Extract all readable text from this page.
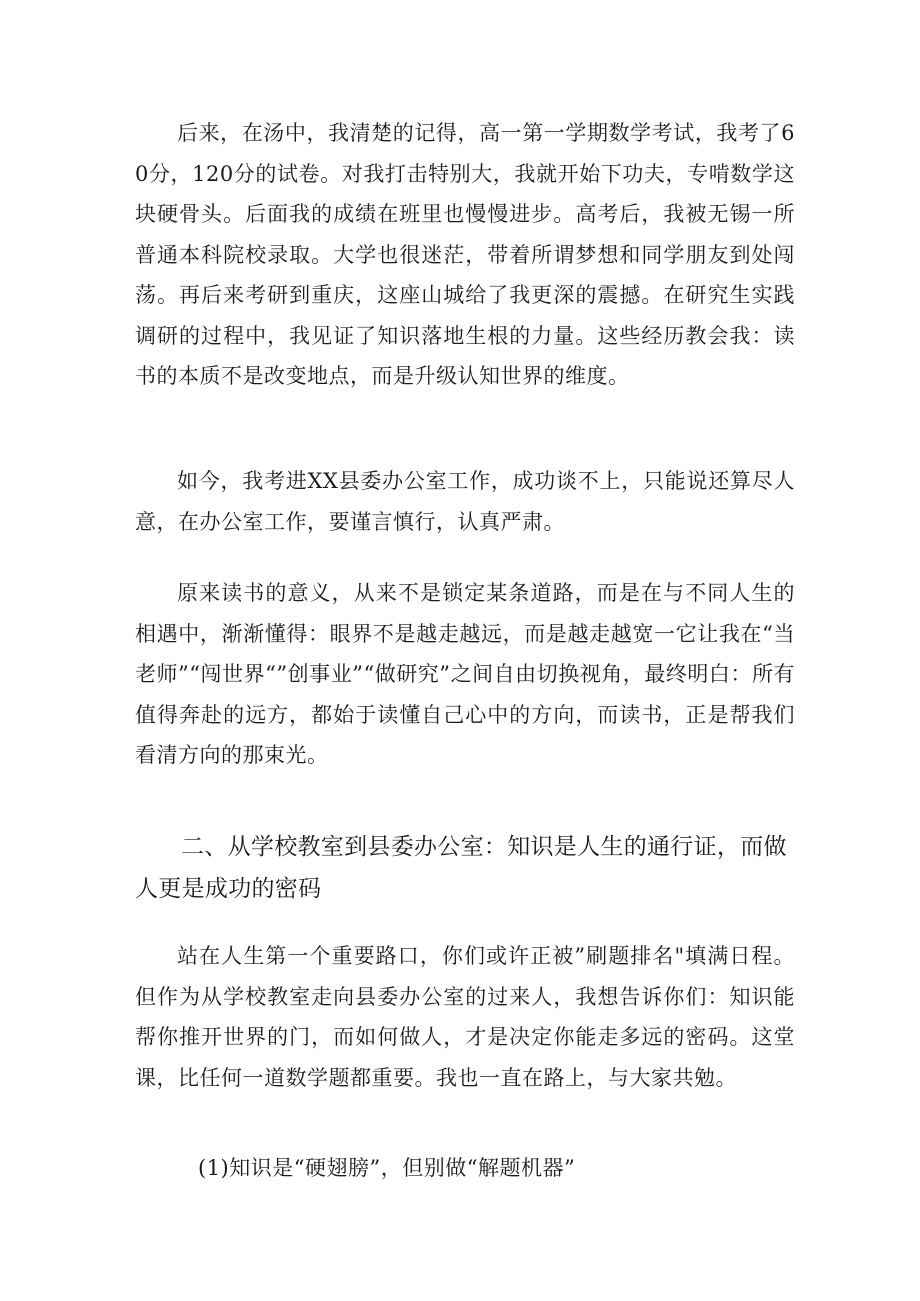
后来，在汤中，我清楚的记得，高一第一学期数学考试，我考了60分，120分的试卷。对我打击特别大，我就开始下功夫，专啃数学这块硬骨头。后面我的成绩在班里也慢慢进步。高考后，我被无锡一所普通本科院校录取。大学也很迷茫，带着所谓梦想和同学朋友到处闯荡。再后来考研到重庆，这座山城给了我更深的震撼。在研究生实践调研的过程中，我见证了知识落地生根的力量。这些经历教会我：读书的本质不是改变地点，而是升级认知世界的维度。

如今，我考进XX县委办公室工作，成功谈不上，只能说还算尽人意，在办公室工作，要谨言慎行，认真严肃。

原来读书的意义，从来不是锁定某条道路，而是在与不同人生的相遇中，渐渐懂得：眼界不是越走越远，而是越走越宽一它让我在“当老师”“闯世界“”创事业”“做研究”之间自由切换视角，最终明白：所有值得奔赴的远方，都始于读懂自己心中的方向，而读书，正是帮我们看清方向的那束光。

二、从学校教室到县委办公室：知识是人生的通行证，而做人更是成功的密码

站在人生第一个重要路口，你们或许正被”刷题排名"填满日程。但作为从学校教室走向县委办公室的过来人，我想告诉你们：知识能帮你推开世界的门，而如何做人，才是决定你能走多远的密码。这堂课，比任何一道数学题都重要。我也一直在路上，与大家共勉。

(1)知识是“硬翅膀”，但别做“解题机器”
